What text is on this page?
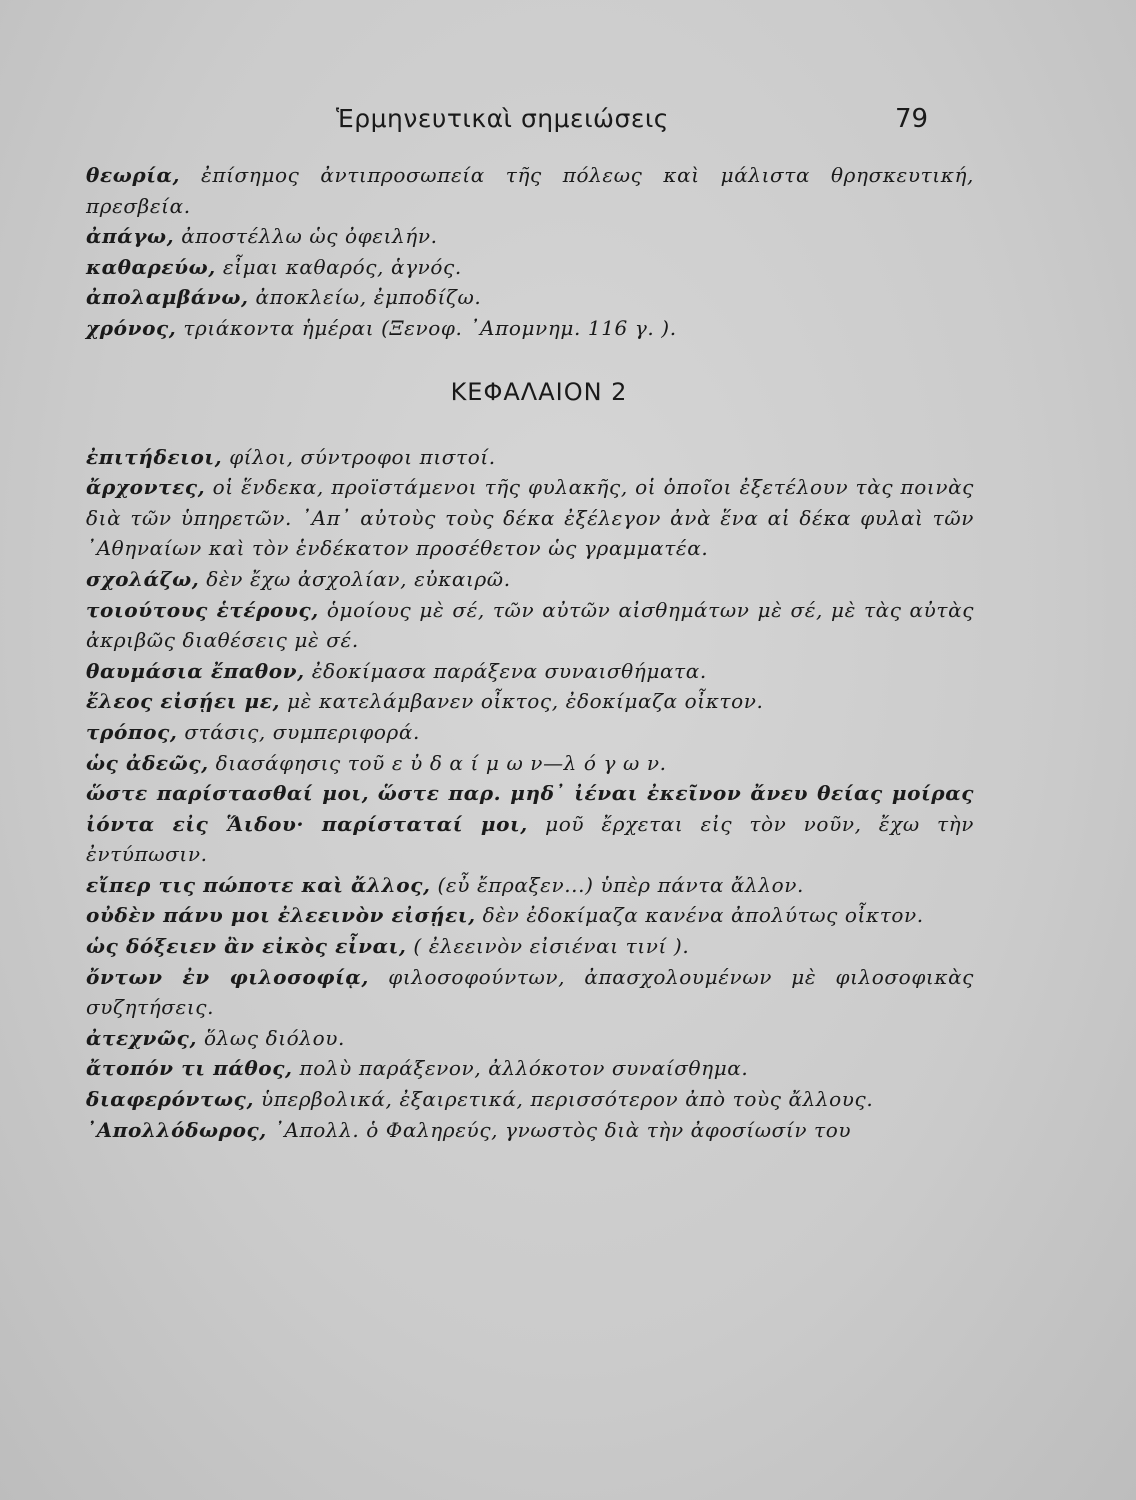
Ἑρμηνευτικαὶ σημειώσεις	79

θεωρία, ἐπίσημος ἀντιπροσωπεία τῆς πόλεως καὶ μάλιστα θρησκευτική, πρεσβεία.

ἀπάγω, ἀποστέλλω ὡς ὀφειλήν.

καθαρεύω, εἶμαι καθαρός, ἁγνός.

ἀπολαμβάνω, ἀποκλείω, ἐμποδίζω.

χρόνος, τριάκοντα ἡμέραι (Ξενοφ. ᾿Απομνημ. 116 γ. ).

ΚΕΦΑΛΑΙΟΝ 2

ἐπιτήδειοι, φίλοι, σύντροφοι πιστοί.

ἄρχοντες, οἱ ἕνδεκα, προϊστάμενοι τῆς φυλακῆς, οἱ ὁποῖοι ἐξετέλουν τὰς ποινὰς διὰ τῶν ὑπηρετῶν. ᾿Απ᾿ αὐτοὺς τοὺς δέκα ἐξέλεγον ἀνὰ ἕνα αἱ δέκα φυλαὶ τῶν ᾿Αθηναίων καὶ τὸν ἑνδέκατον προσέθετον ὡς γραμματέα.

σχολάζω, δὲν ἔχω ἀσχολίαν, εὐκαιρῶ.

τοιούτους ἑτέρους, ὁμοίους μὲ σέ, τῶν αὐτῶν αἰσθημάτων μὲ σέ, μὲ τὰς αὐτὰς ἀκριβῶς διαθέσεις μὲ σέ.

θαυμάσια ἔπαθον, ἐδοκίμασα παράξενα συναισθήματα.

ἔλεος εἰσῄει με, μὲ κατελάμβανεν οἶκτος, ἐδοκίμαζα οἶκτον.

τρόπος, στάσις, συμπεριφορά.

ὡς ἀδεῶς, διασάφησις τοῦ ε ὐ δ α ί μ ω ν—λ ό γ ω ν.

ὥστε παρίστασθαί μοι, ὥστε παρ. μηδ᾿ ἰέναι ἐκεῖνον ἄνευ θείας μοίρας ἰόντα εἰς Ἅιδου· παρίσταταί μοι, μοῦ ἔρχεται εἰς τὸν νοῦν, ἔχω τὴν ἐντύπωσιν.

εἴπερ τις πώποτε καὶ ἄλλος, (εὖ ἔπραξεν...) ὑπὲρ πάντα ἄλλον.

οὐδὲν πάνυ μοι ἐλεεινὸν εἰσῄει, δὲν ἐδοκίμαζα κανένα ἀπολύτως οἶκτον.

ὡς δόξειεν ἂν εἰκὸς εἶναι, ( ἐλεεινὸν εἰσιέναι τινί ).

ὄντων ἐν φιλοσοφίᾳ, φιλοσοφούντων, ἀπασχολουμένων μὲ φιλοσοφικὰς συζητήσεις.

ἀτεχνῶς, ὅλως διόλου.

ἄτοπόν τι πάθος, πολὺ παράξενον, ἀλλόκοτον συναίσθημα.

διαφερόντως, ὑπερβολικά, ἐξαιρετικά, περισσότερον ἀπὸ τοὺς ἄλλους.

᾿Απολλόδωρος, ᾿Απολλ. ὁ Φαληρεύς, γνωστὸς διὰ τὴν ἀφοσίωσίν του
